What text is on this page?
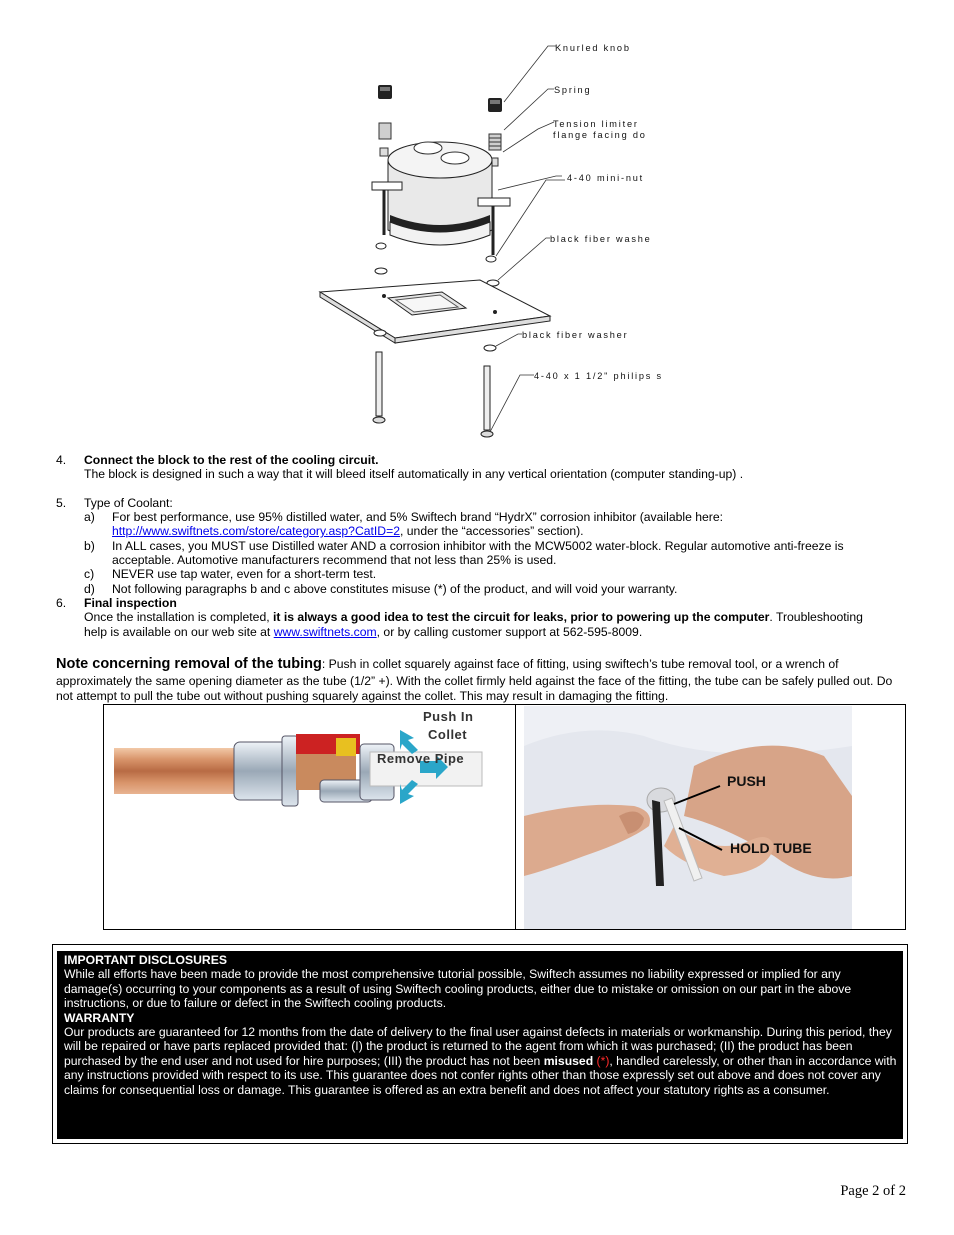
Knurled knob
Spring
Tension limiter
flange facing do
4-40 mini-nut
black fiber washe
black fiber washer
4-40 x 1 1/2" philips s
4.	Connect the block to the rest of the cooling circuit.
The block is designed in such a way that it will bleed itself automatically in any vertical orientation (computer standing-up) .
5.	Type of Coolant:
a)	For best performance, use 95% distilled water, and 5% Swiftech brand “HydrX” corrosion inhibitor (available here:
http://www.swiftnets.com/store/category.asp?CatID=2, under the “accessories” section).
b)	In ALL cases, you MUST use Distilled water AND a corrosion inhibitor with the MCW5002 water-block. Regular automotive anti-freeze is
acceptable. Automotive manufacturers recommend that not less than 25% is used.
c)	NEVER use tap water, even for a short-term test.
d)	Not following paragraphs b and c above constitutes misuse (*) of the product, and will void your warranty.
6.	Final inspection
Once the installation is completed, it is always a good idea to test the circuit for leaks, prior to powering up the computer. Troubleshooting
help is available on our web site at www.swiftnets.com, or by calling customer support at 562-595-8009.
Note concerning removal of the tubing: Push in collet squarely against face of fitting, using swiftech’s tube removal tool, or a wrench of
approximately the same opening diameter as the tube (1/2” +). With the collet firmly held against the face of the fitting, the tube can be safely pulled out. Do
not attempt to pull the tube out without pushing squarely against the collet. This may result in damaging the fitting.
Push In
Collet
Remove Pipe
PUSH
HOLD TUBE
IMPORTANT DISCLOSURES
While all efforts have been made to provide the most comprehensive tutorial possible, Swiftech assumes no liability expressed or implied for any damage(s) occurring to your components as a result of using Swiftech cooling products, either due to mistake or omission on our part in the above instructions, or due to failure or defect in the Swiftech cooling products.
WARRANTY
Our products are guaranteed for 12 months from the date of delivery to the final user against defects in materials or workmanship. During this period, they will be repaired or have parts replaced provided that: (I) the product is returned to the agent from which it was purchased; (II) the product has been purchased by the end user and not used for hire purposes; (III) the product has not been misused (*), handled carelessly, or other than in accordance with any instructions provided with respect to its use. This guarantee does not confer rights other than those expressly set out above and does not cover any claims for consequential loss or damage. This guarantee is offered as an extra benefit and does not affect your statutory rights as a consumer.
Page 2 of 2
